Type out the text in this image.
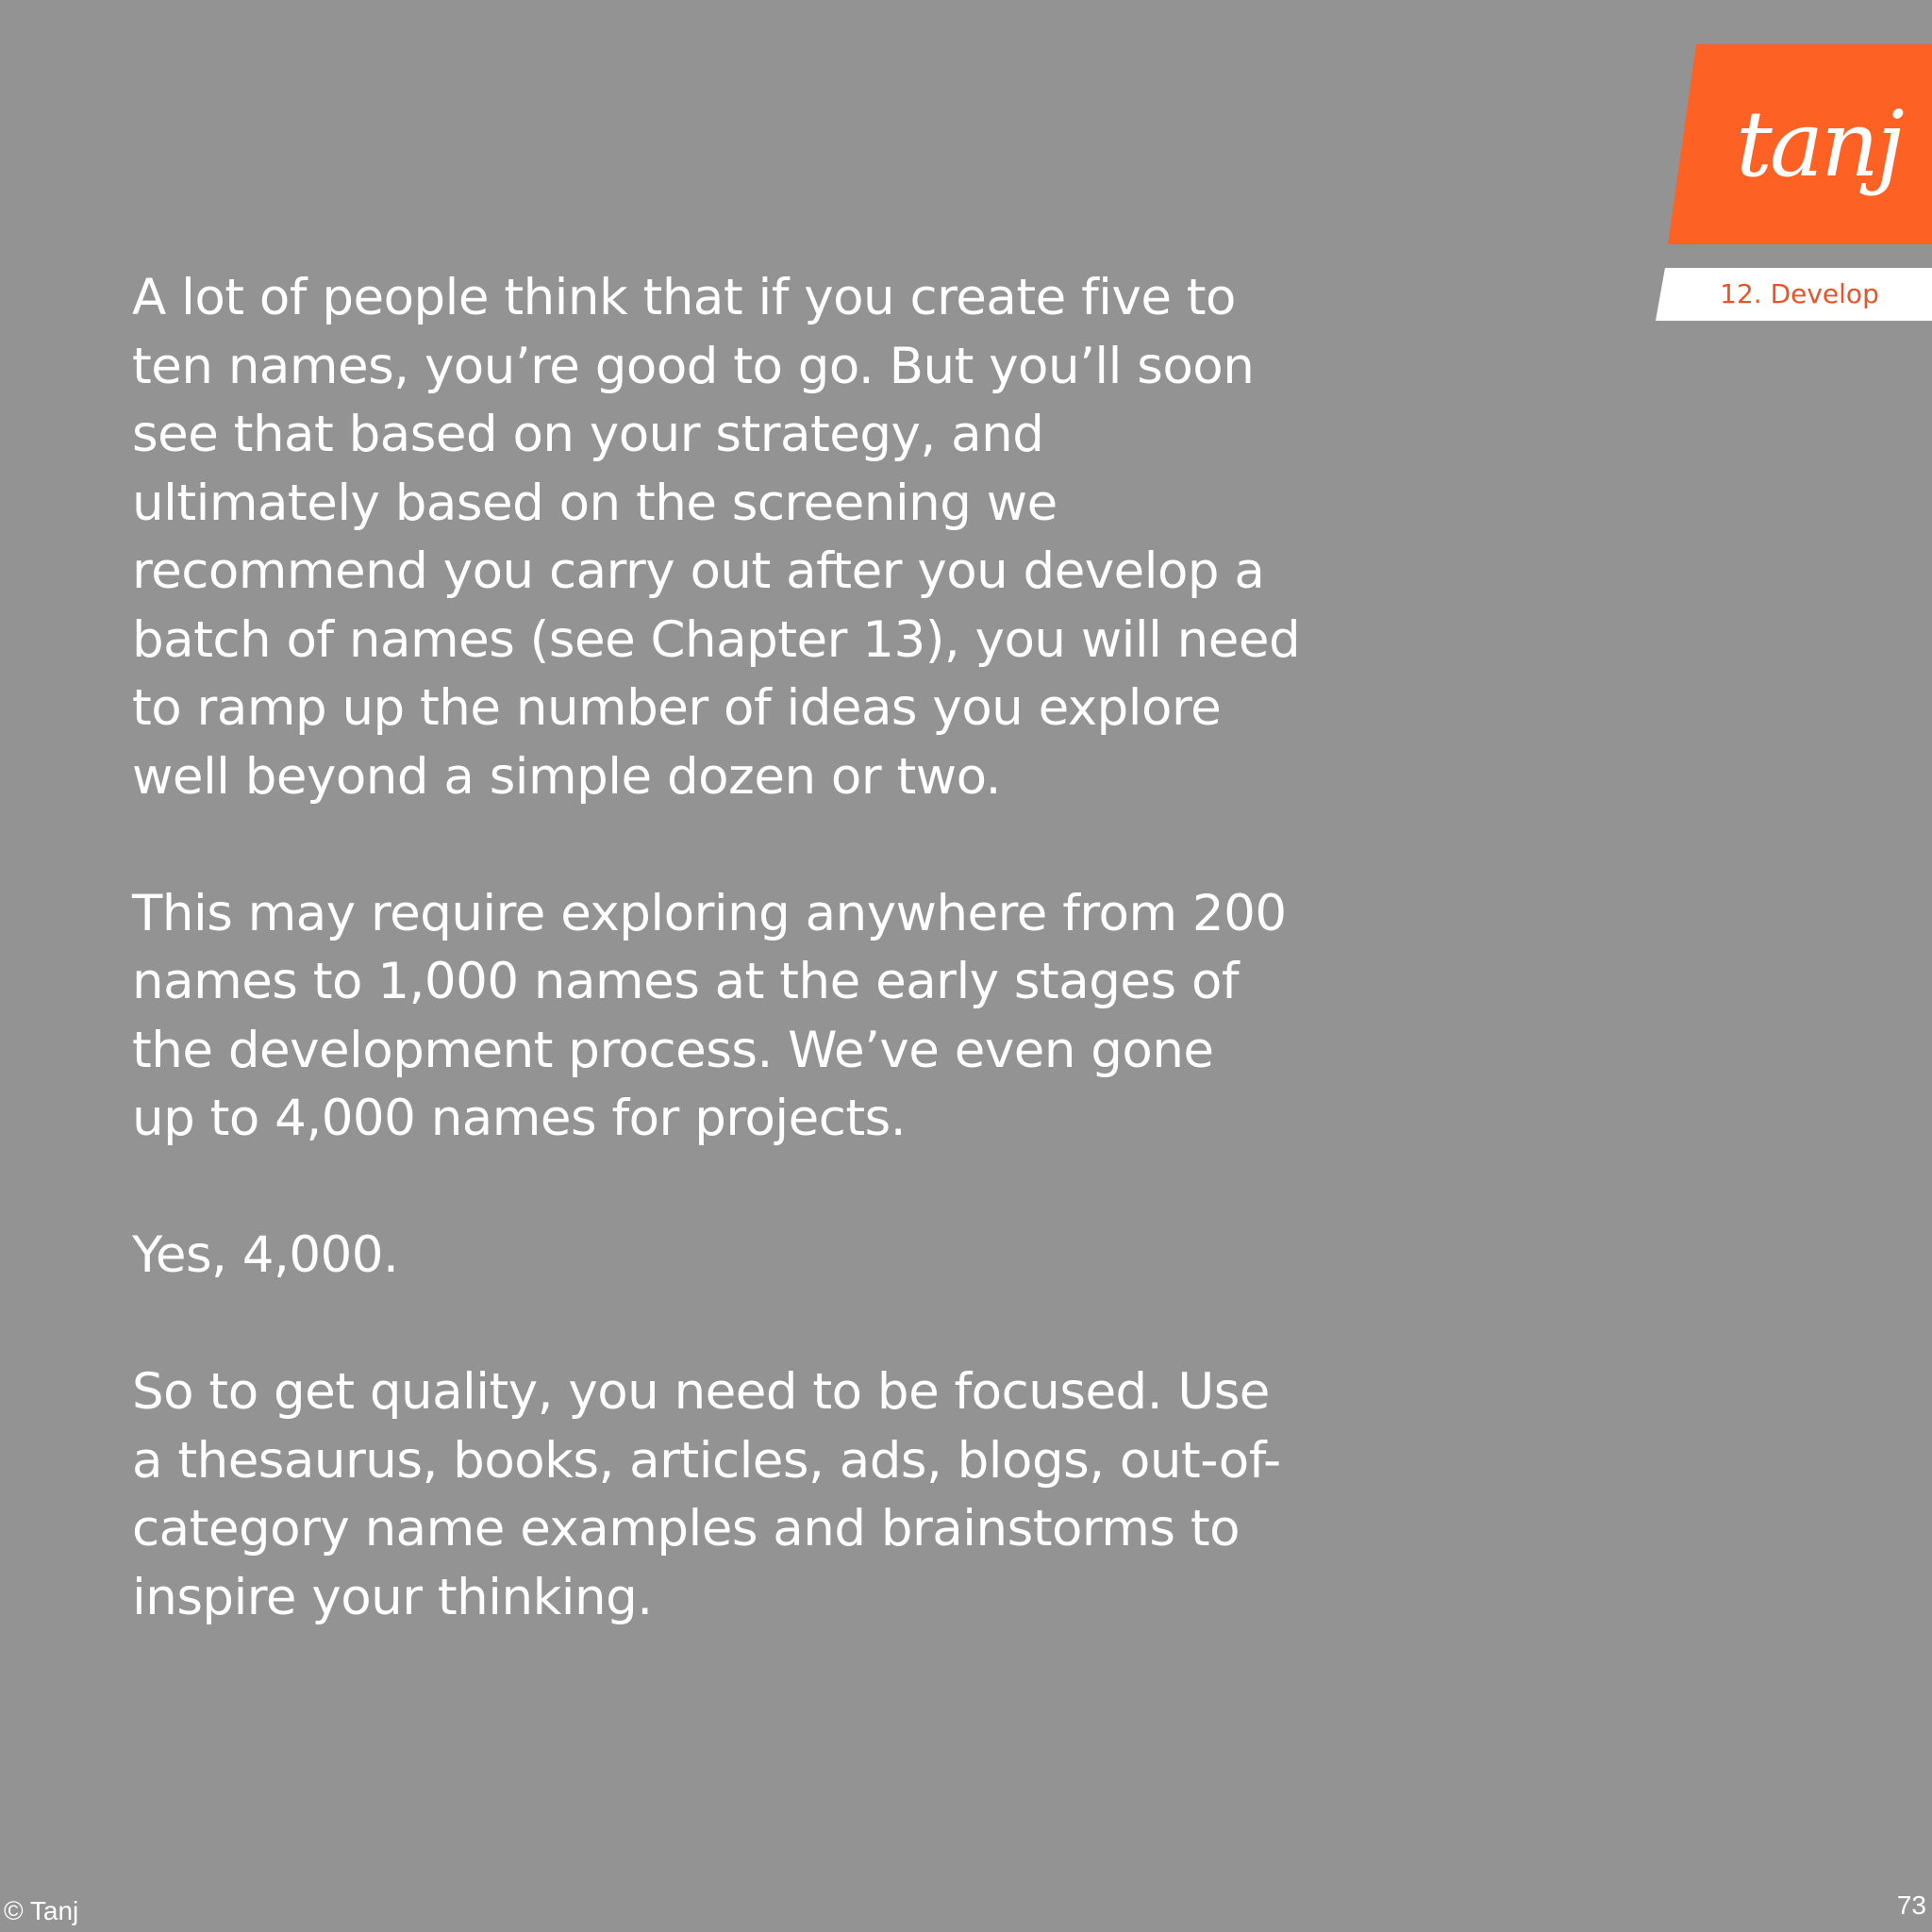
tanj
12. Develop

A lot of people think that if you create five to
ten names, you’re good to go. But you’ll soon
see that based on your strategy, and
ultimately based on the screening we
recommend you carry out after you develop a
batch of names (see Chapter 13), you will need
to ramp up the number of ideas you explore
well beyond a simple dozen or two.

This may require exploring anywhere from 200
names to 1,000 names at the early stages of
the development process. We’ve even gone
up to 4,000 names for projects.

Yes, 4,000.

So to get quality, you need to be focused. Use
a thesaurus, books, articles, ads, blogs, out-of-
category name examples and brainstorms to
inspire your thinking.

© Tanj	73
